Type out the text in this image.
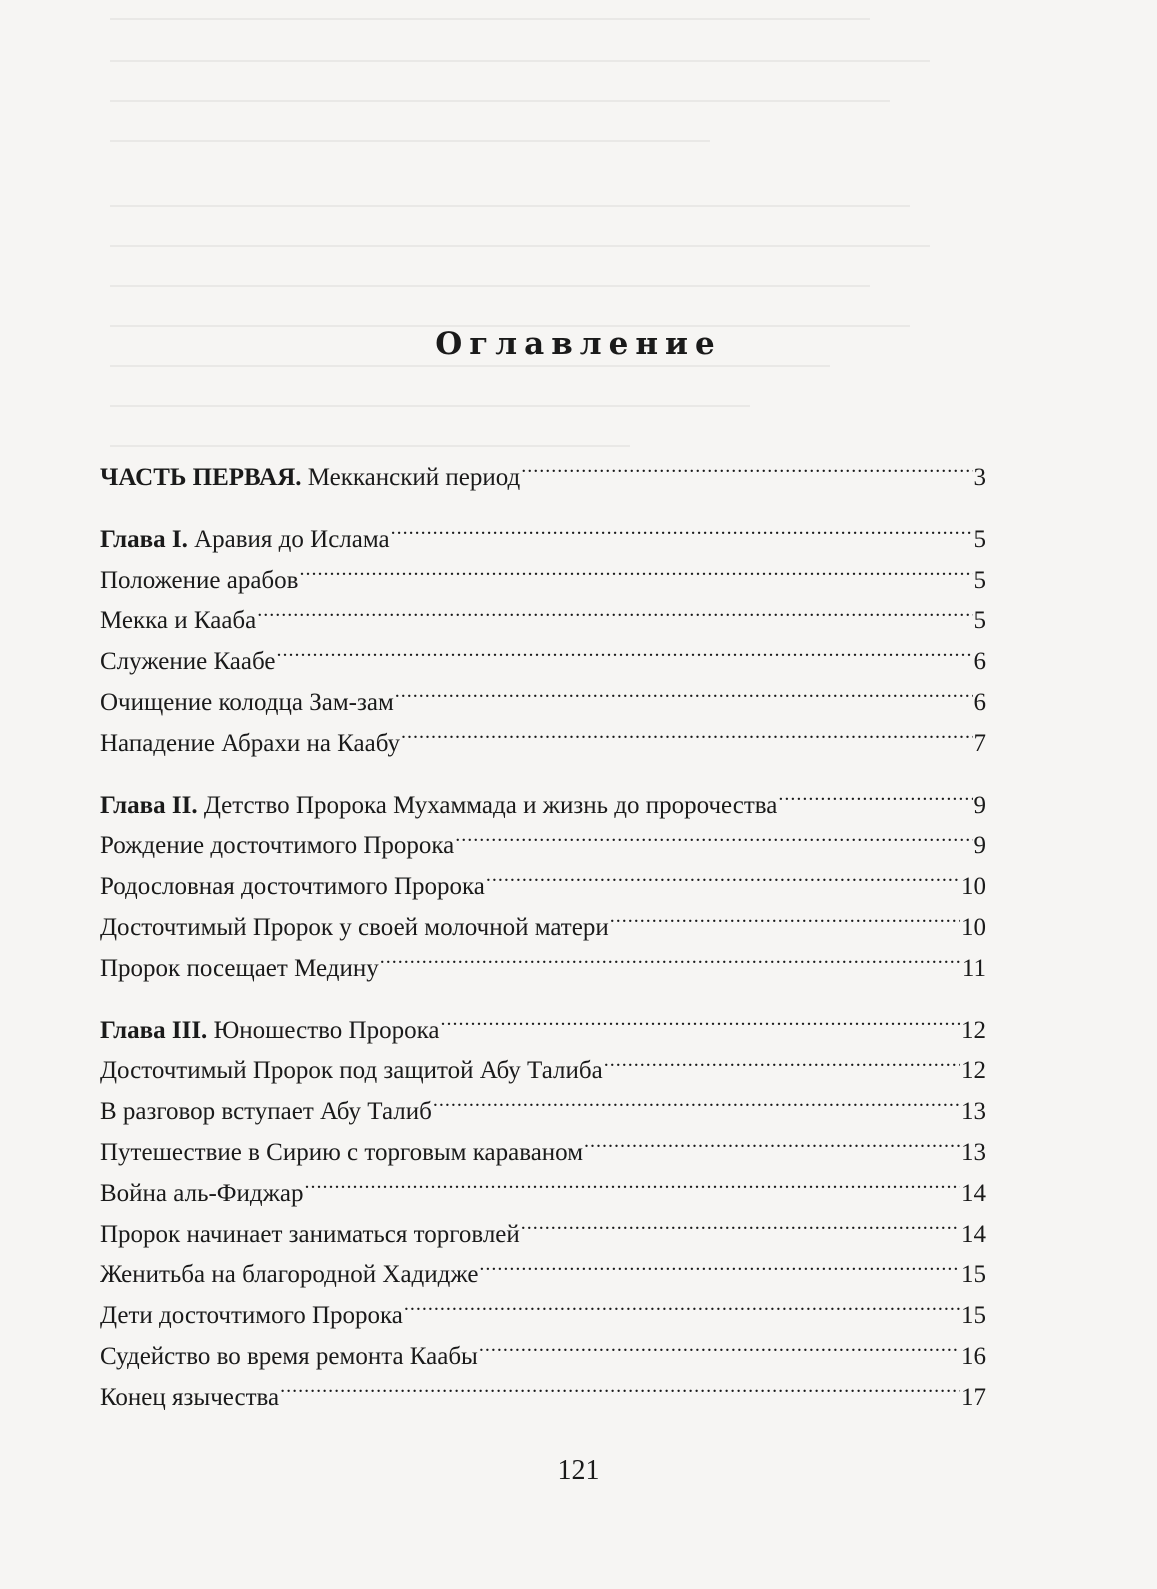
Оглавление
ЧАСТЬ ПЕРВАЯ. Мекканский период .....	3
Глава I. Аравия до Ислама .....	5
Положение арабов .....	5
Мекка и Кааба .....	5
Служение Каабе .....	6
Очищение колодца Зам-зам .....	6
Нападение Абрахи на Каабу .....	7
Глава II. Детство Пророка Мухаммада и жизнь до пророчества .....	9
Рождение досточтимого Пророка .....	9
Родословная досточтимого Пророка .....	10
Досточтимый Пророк у своей молочной матери .....	10
Пророк посещает Медину .....	11
Глава III. Юношество Пророка .....	12
Досточтимый Пророк под защитой Абу Талиба .....	12
В разговор вступает Абу Талиб .....	13
Путешествие в Сирию с торговым караваном .....	13
Война аль-Фиджар .....	14
Пророк начинает заниматься торговлей .....	14
Женитьба на благородной Хадидже .....	15
Дети досточтимого Пророка .....	15
Судейство во время ремонта Каабы .....	16
Конец язычества .....	17
121
